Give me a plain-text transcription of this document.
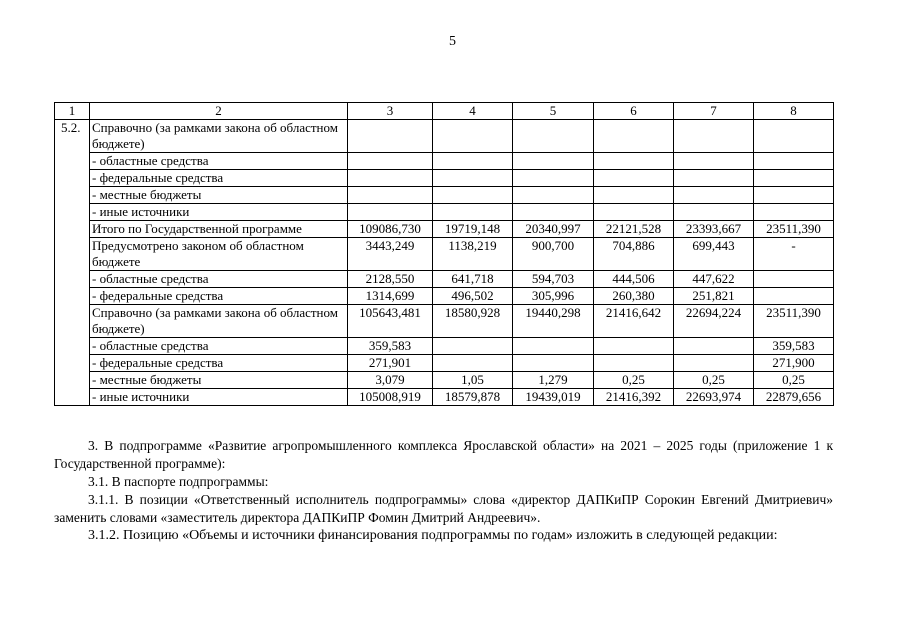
5
1	2	3	4	5	6	7	8
5.2.	Справочно (за рамками закона об областном бюджете)						
	- областные средства						
	- федеральные средства						
	- местные бюджеты						
	- иные источники						
	Итого по Государственной программе	109086,730	19719,148	20340,997	22121,528	23393,667	23511,390
	Предусмотрено законом об областном бюджете	3443,249	1138,219	900,700	704,886	699,443	-
	- областные средства	2128,550	641,718	594,703	444,506	447,622	
	- федеральные средства	1314,699	496,502	305,996	260,380	251,821	
	Справочно (за рамками закона об областном бюджете)	105643,481	18580,928	19440,298	21416,642	22694,224	23511,390
	- областные средства	359,583					359,583
	- федеральные средства	271,901					271,900
	- местные бюджеты	3,079	1,05	1,279	0,25	0,25	0,25
	- иные источники	105008,919	18579,878	19439,019	21416,392	22693,974	22879,656
3. В подпрограмме «Развитие агропромышленного комплекса Ярославской области» на 2021 – 2025 годы (приложение 1 к Государственной программе):
3.1. В паспорте подпрограммы:
3.1.1. В позиции «Ответственный исполнитель подпрограммы» слова «директор ДАПКиПР Сорокин Евгений Дмитриевич» заменить словами «заместитель директора ДАПКиПР Фомин Дмитрий Андреевич».
3.1.2. Позицию «Объемы и источники финансирования подпрограммы по годам» изложить в следующей редакции:
